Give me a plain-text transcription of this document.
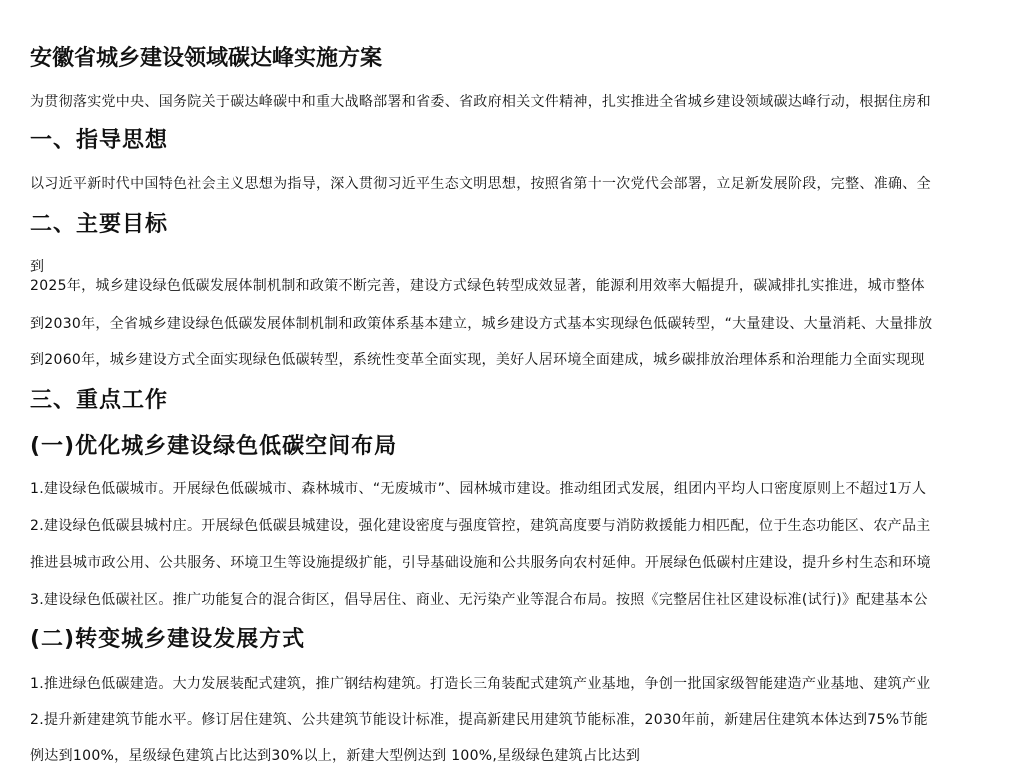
安徽省城乡建设领域碳达峰实施方案
为贯彻落实党中央、国务院关于碳达峰碳中和重大战略部署和省委、省政府相关文件精神，扎实推进全省城乡建设领域碳达峰行动，根据住房和
一、指导思想
以习近平新时代中国特色社会主义思想为指导，深入贯彻习近平生态文明思想，按照省第十一次党代会部署，立足新发展阶段，完整、准确、全
二、主要目标
到
2025年，城乡建设绿色低碳发展体制机制和政策不断完善，建设方式绿色转型成效显著，能源利用效率大幅提升，碳减排扎实推进，城市整体
到2030年，全省城乡建设绿色低碳发展体制机制和政策体系基本建立，城乡建设方式基本实现绿色低碳转型，“大量建设、大量消耗、大量排放
到2060年，城乡建设方式全面实现绿色低碳转型，系统性变革全面实现，美好人居环境全面建成，城乡碳排放治理体系和治理能力全面实现现
三、重点工作
(一)优化城乡建设绿色低碳空间布局
1.建设绿色低碳城市。开展绿色低碳城市、森林城市、“无废城市”、园林城市建设。推动组团式发展，组团内平均人口密度原则上不超过1万人
2.建设绿色低碳县城村庄。开展绿色低碳县城建设，强化建设密度与强度管控，建筑高度要与消防救援能力相匹配，位于生态功能区、农产品主
推进县城市政公用、公共服务、环境卫生等设施提级扩能，引导基础设施和公共服务向农村延伸。开展绿色低碳村庄建设，提升乡村生态和环境
3.建设绿色低碳社区。推广功能复合的混合街区，倡导居住、商业、无污染产业等混合布局。按照《完整居住社区建设标准(试行)》配建基本公
(二)转变城乡建设发展方式
1.推进绿色低碳建造。大力发展装配式建筑，推广钢结构建筑。打造长三角装配式建筑产业基地，争创一批国家级智能建造产业基地、建筑产业
2.提升新建建筑节能水平。修订居住建筑、公共建筑节能设计标准，提高新建民用建筑节能标准，2030年前，新建居住建筑本体达到75%节能
例达到100%，星级绿色建筑占比达到30%以上，新建大型例达到 100%,星级绿色建筑占比达到
